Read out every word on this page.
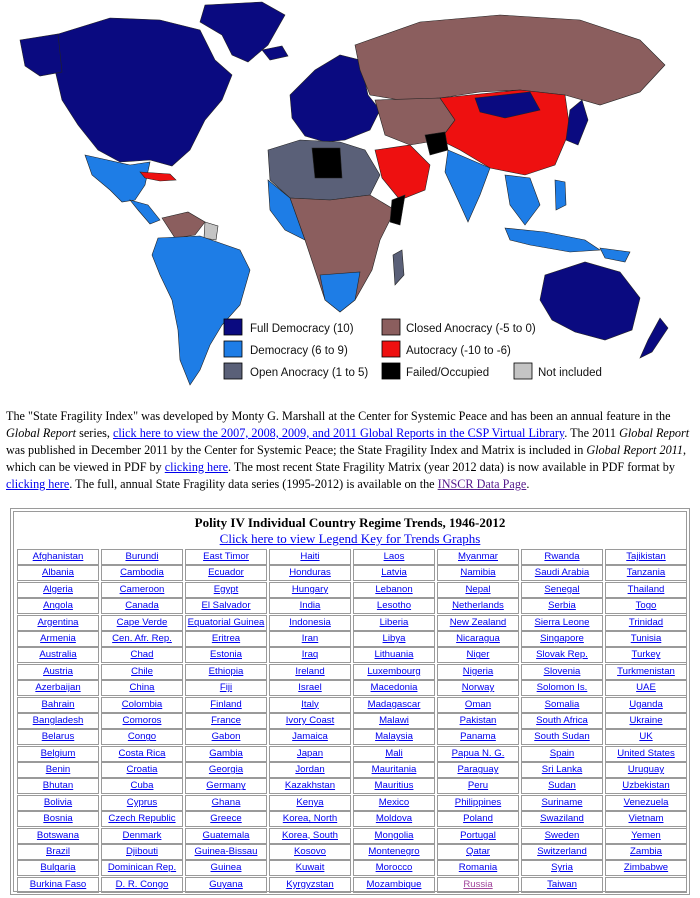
Full Democracy (10)	Closed Anocracy (-5 to 0)
Democracy (6 to 9)	Autocracy (-10 to -6)
Open Anocracy (1 to 5)	Failed/Occupied	Not included

The "State Fragility Index" was developed by Monty G. Marshall at the Center for Systemic Peace and has been an annual feature in the Global Report series, click here to view the 2007, 2008, 2009, and 2011 Global Reports in the CSP Virtual Library. The 2011 Global Report was published in December 2011 by the Center for Systemic Peace; the State Fragility Index and Matrix is included in Global Report 2011, which can be viewed in PDF by clicking here. The most recent State Fragility Matrix (year 2012 data) is now available in PDF format by clicking here. The full, annual State Fragility data series (1995-2012) is available on the INSCR Data Page.

Polity IV Individual Country Regime Trends, 1946-2012
Click here to view Legend Key for Trends Graphs
Afghanistan	Burundi	East Timor	Haiti	Laos	Myanmar	Rwanda	Tajikistan
Albania	Cambodia	Ecuador	Honduras	Latvia	Namibia	Saudi Arabia	Tanzania
Algeria	Cameroon	Egypt	Hungary	Lebanon	Nepal	Senegal	Thailand
Angola	Canada	El Salvador	India	Lesotho	Netherlands	Serbia	Togo
Argentina	Cape Verde	Equatorial Guinea	Indonesia	Liberia	New Zealand	Sierra Leone	Trinidad
Armenia	Cen. Afr. Rep.	Eritrea	Iran	Libya	Nicaragua	Singapore	Tunisia
Australia	Chad	Estonia	Iraq	Lithuania	Niger	Slovak Rep.	Turkey
Austria	Chile	Ethiopia	Ireland	Luxembourg	Nigeria	Slovenia	Turkmenistan
Azerbaijan	China	Fiji	Israel	Macedonia	Norway	Solomon Is.	UAE
Bahrain	Colombia	Finland	Italy	Madagascar	Oman	Somalia	Uganda
Bangladesh	Comoros	France	Ivory Coast	Malawi	Pakistan	South Africa	Ukraine
Belarus	Congo	Gabon	Jamaica	Malaysia	Panama	South Sudan	UK
Belgium	Costa Rica	Gambia	Japan	Mali	Papua N. G.	Spain	United States
Benin	Croatia	Georgia	Jordan	Mauritania	Paraguay	Sri Lanka	Uruguay
Bhutan	Cuba	Germany	Kazakhstan	Mauritius	Peru	Sudan	Uzbekistan
Bolivia	Cyprus	Ghana	Kenya	Mexico	Philippines	Suriname	Venezuela
Bosnia	Czech Republic	Greece	Korea, North	Moldova	Poland	Swaziland	Vietnam
Botswana	Denmark	Guatemala	Korea, South	Mongolia	Portugal	Sweden	Yemen
Brazil	Djibouti	Guinea-Bissau	Kosovo	Montenegro	Qatar	Switzerland	Zambia
Bulgaria	Dominican Rep.	Guinea	Kuwait	Morocco	Romania	Syria	Zimbabwe
Burkina Faso	D. R. Congo	Guyana	Kyrgyzstan	Mozambique	Russia	Taiwan
